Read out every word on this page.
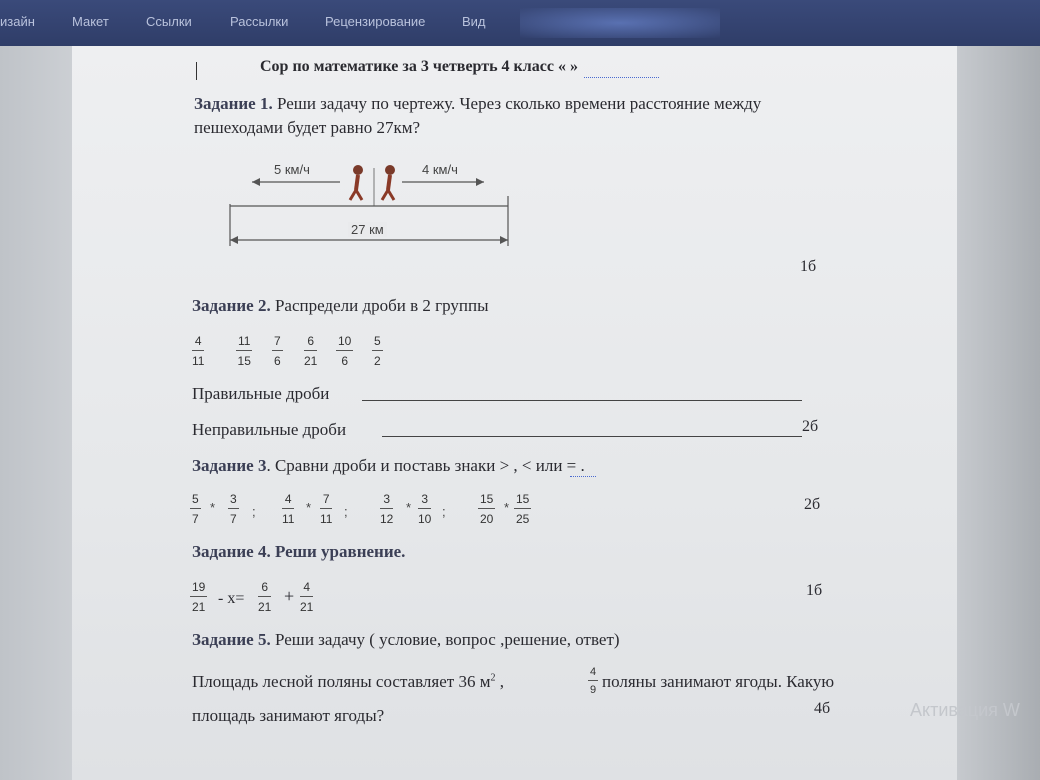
изайн	Макет	Ссылки	Рассылки	Рецензирование	Вид
Сор по математике за 3 четверть 4 класс « »
Задание 1. Реши задачу по чертежу. Через сколько времени расстояние между
пешеходами будет равно 27км?
5 км/ч	4 км/ч
27 км
1б
Задание 2. Распредели дроби в 2 группы
$\frac{4}{11}$	$\frac{11}{15} \frac{7}{6} \frac{6}{21} \frac{10}{6} \frac{5}{2}$
Правильные дроби
Неправильные дроби	2б
Задание 3. Сравни дроби и поставь знаки > , < или = .
$\frac{5}{7} * \frac{3}{7}$ ; $\frac{4}{11} * \frac{7}{11}$ ;	$\frac{3}{12} * \frac{3}{10}$ ;	$\frac{15}{20} * \frac{15}{25}$	2б
Задание 4. Реши уравнение.
$\frac{19}{21} - x= \frac{6}{21} + \frac{4}{21}$	1б
Задание 5. Реши задачу ( условие, вопрос ,решение, ответ)
Площадь лесной поляны составляет 36 $м^2$ ,	$\frac{4}{9}$ поляны занимают ягоды. Какую
площадь занимают ягоды?	4б	Активация W
